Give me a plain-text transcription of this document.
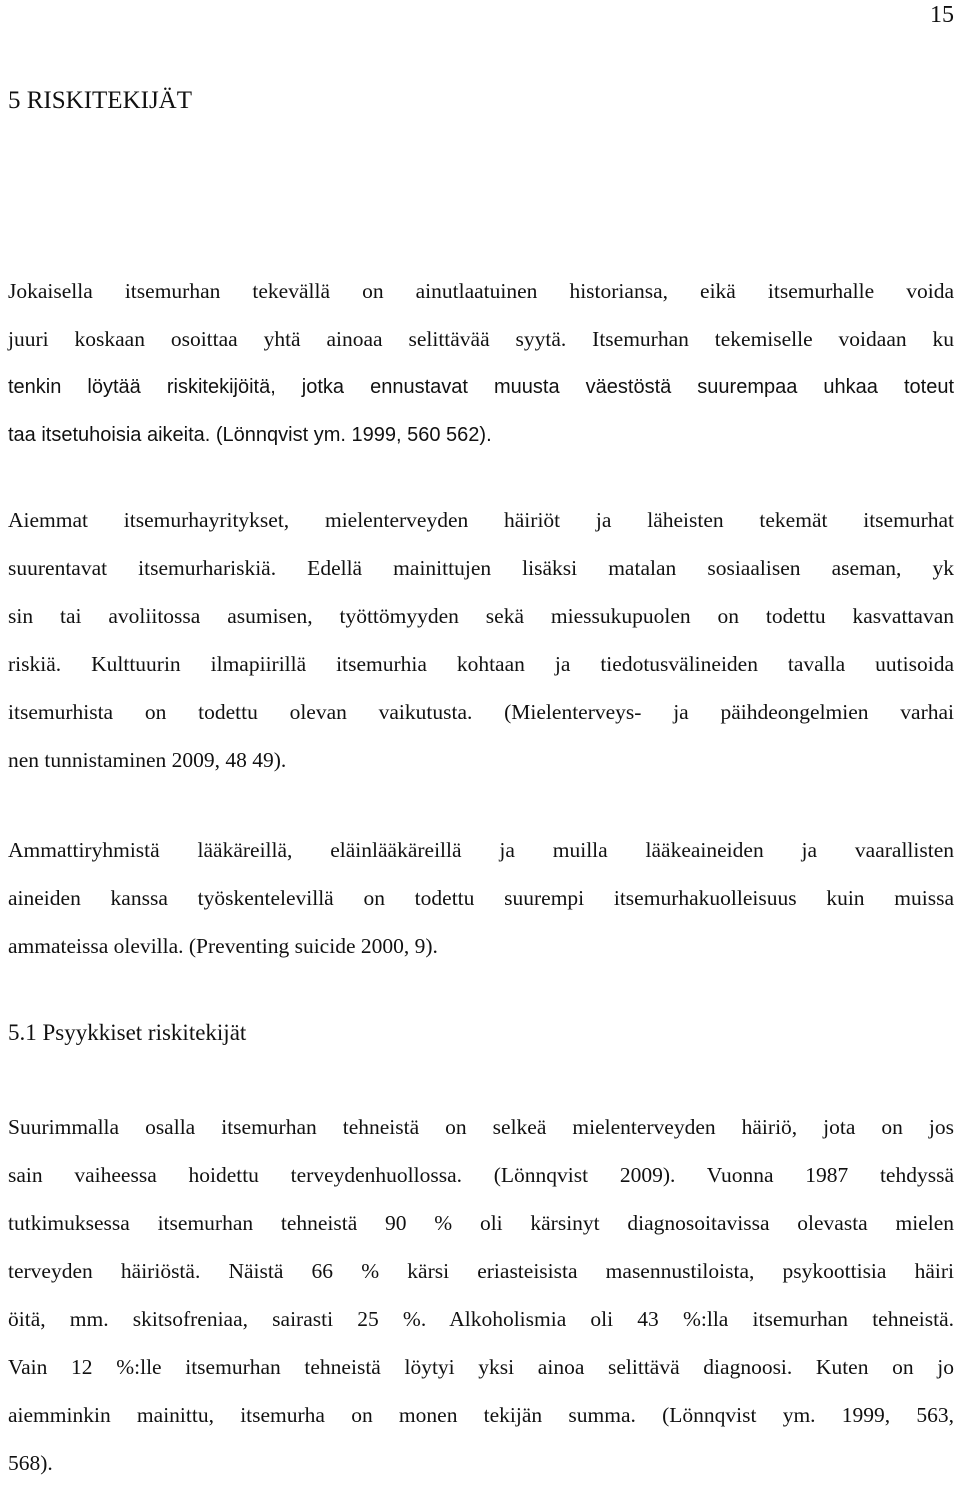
15
5 RISKITEKIJÄT
Jokaisella itsemurhan tekevällä on ainutlaatuinen historiansa, eikä itsemurhalle voida
juuri koskaan osoittaa yhtä ainoaa selittävää syytä. Itsemurhan tekemiselle voidaan ku
tenkin löytää riskitekijöitä, jotka ennustavat muusta väestöstä suurempaa uhkaa toteut
taa itsetuhoisia aikeita. (Lönnqvist ym. 1999, 560 562).
Aiemmat itsemurhayritykset, mielenterveyden häiriöt ja läheisten tekemät itsemurhat
suurentavat itsemurhariskiä. Edellä mainittujen lisäksi matalan sosiaalisen aseman, yk
sin tai avoliitossa asumisen, työttömyyden sekä miessukupuolen on todettu kasvattavan
riskiä. Kulttuurin ilmapiirillä itsemurhia kohtaan ja tiedotusvälineiden tavalla uutisoida
itsemurhista on todettu olevan vaikutusta. (Mielenterveys- ja päihdeongelmien varhai
nen tunnistaminen 2009, 48 49).
Ammattiryhmistä lääkäreillä, eläinlääkäreillä ja muilla lääkeaineiden ja vaarallisten
aineiden kanssa työskentelevillä on todettu suurempi itsemurhakuolleisuus kuin muissa
ammateissa olevilla. (Preventing suicide 2000, 9).
5.1 Psyykkiset riskitekijät
Suurimmalla osalla itsemurhan tehneistä on selkeä mielenterveyden häiriö, jota on jos
sain vaiheessa hoidettu terveydenhuollossa. (Lönnqvist 2009). Vuonna 1987 tehdyssä
tutkimuksessa itsemurhan tehneistä 90 % oli kärsinyt diagnosoitavissa olevasta mielen
terveyden häiriöstä. Näistä 66 % kärsi eriasteisista masennustiloista, psykoottisia häiri
öitä, mm. skitsofreniaa, sairasti 25 %. Alkoholismia oli 43 %:lla itsemurhan tehneistä.
Vain 12 %:lle itsemurhan tehneistä löytyi yksi ainoa selittävä diagnoosi. Kuten on jo
aiemminkin mainittu, itsemurha on monen tekijän summa. (Lönnqvist ym. 1999, 563,
568).
